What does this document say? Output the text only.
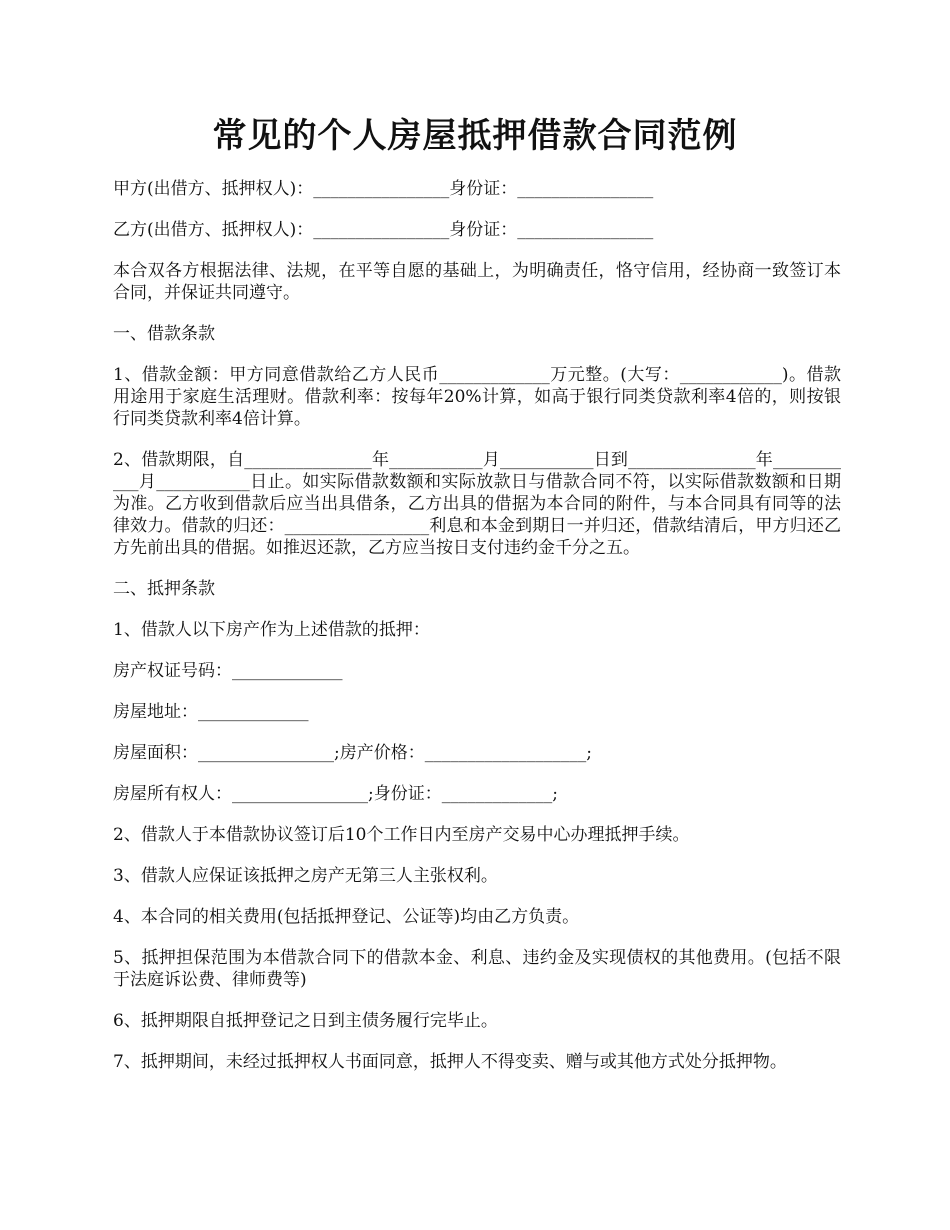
常见的个人房屋抵押借款合同范例

甲方(出借方、抵押权人)：________________身份证：________________

乙方(出借方、抵押权人)：________________身份证：________________

本合双各方根据法律、法规，在平等自愿的基础上，为明确责任，恪守信用，经协商一致签订本合同，并保证共同遵守。

一、借款条款

1、借款金额：甲方同意借款给乙方人民币_____________万元整。(大写：____________)。借款用途用于家庭生活理财。借款利率：按每年20%计算，如高于银行同类贷款利率4倍的，则按银行同类贷款利率4倍计算。

2、借款期限，自_______________年___________月___________日到_______________年___________月___________日止。如实际借款数额和实际放款日与借款合同不符，以实际借款数额和日期为准。乙方收到借款后应当出具借条，乙方出具的借据为本合同的附件，与本合同具有同等的法律效力。借款的归还：_________________利息和本金到期日一并归还，借款结清后，甲方归还乙方先前出具的借据。如推迟还款，乙方应当按日支付违约金千分之五。

二、抵押条款

1、借款人以下房产作为上述借款的抵押：

房产权证号码：_____________

房屋地址：_____________

房屋面积：________________;房产价格：___________________;

房屋所有权人：________________;身份证：_____________;

2、借款人于本借款协议签订后10个工作日内至房产交易中心办理抵押手续。

3、借款人应保证该抵押之房产无第三人主张权利。

4、本合同的相关费用(包括抵押登记、公证等)均由乙方负责。

5、抵押担保范围为本借款合同下的借款本金、利息、违约金及实现债权的其他费用。(包括不限于法庭诉讼费、律师费等)

6、抵押期限自抵押登记之日到主债务履行完毕止。

7、抵押期间，未经过抵押权人书面同意，抵押人不得变卖、赠与或其他方式处分抵押物。
